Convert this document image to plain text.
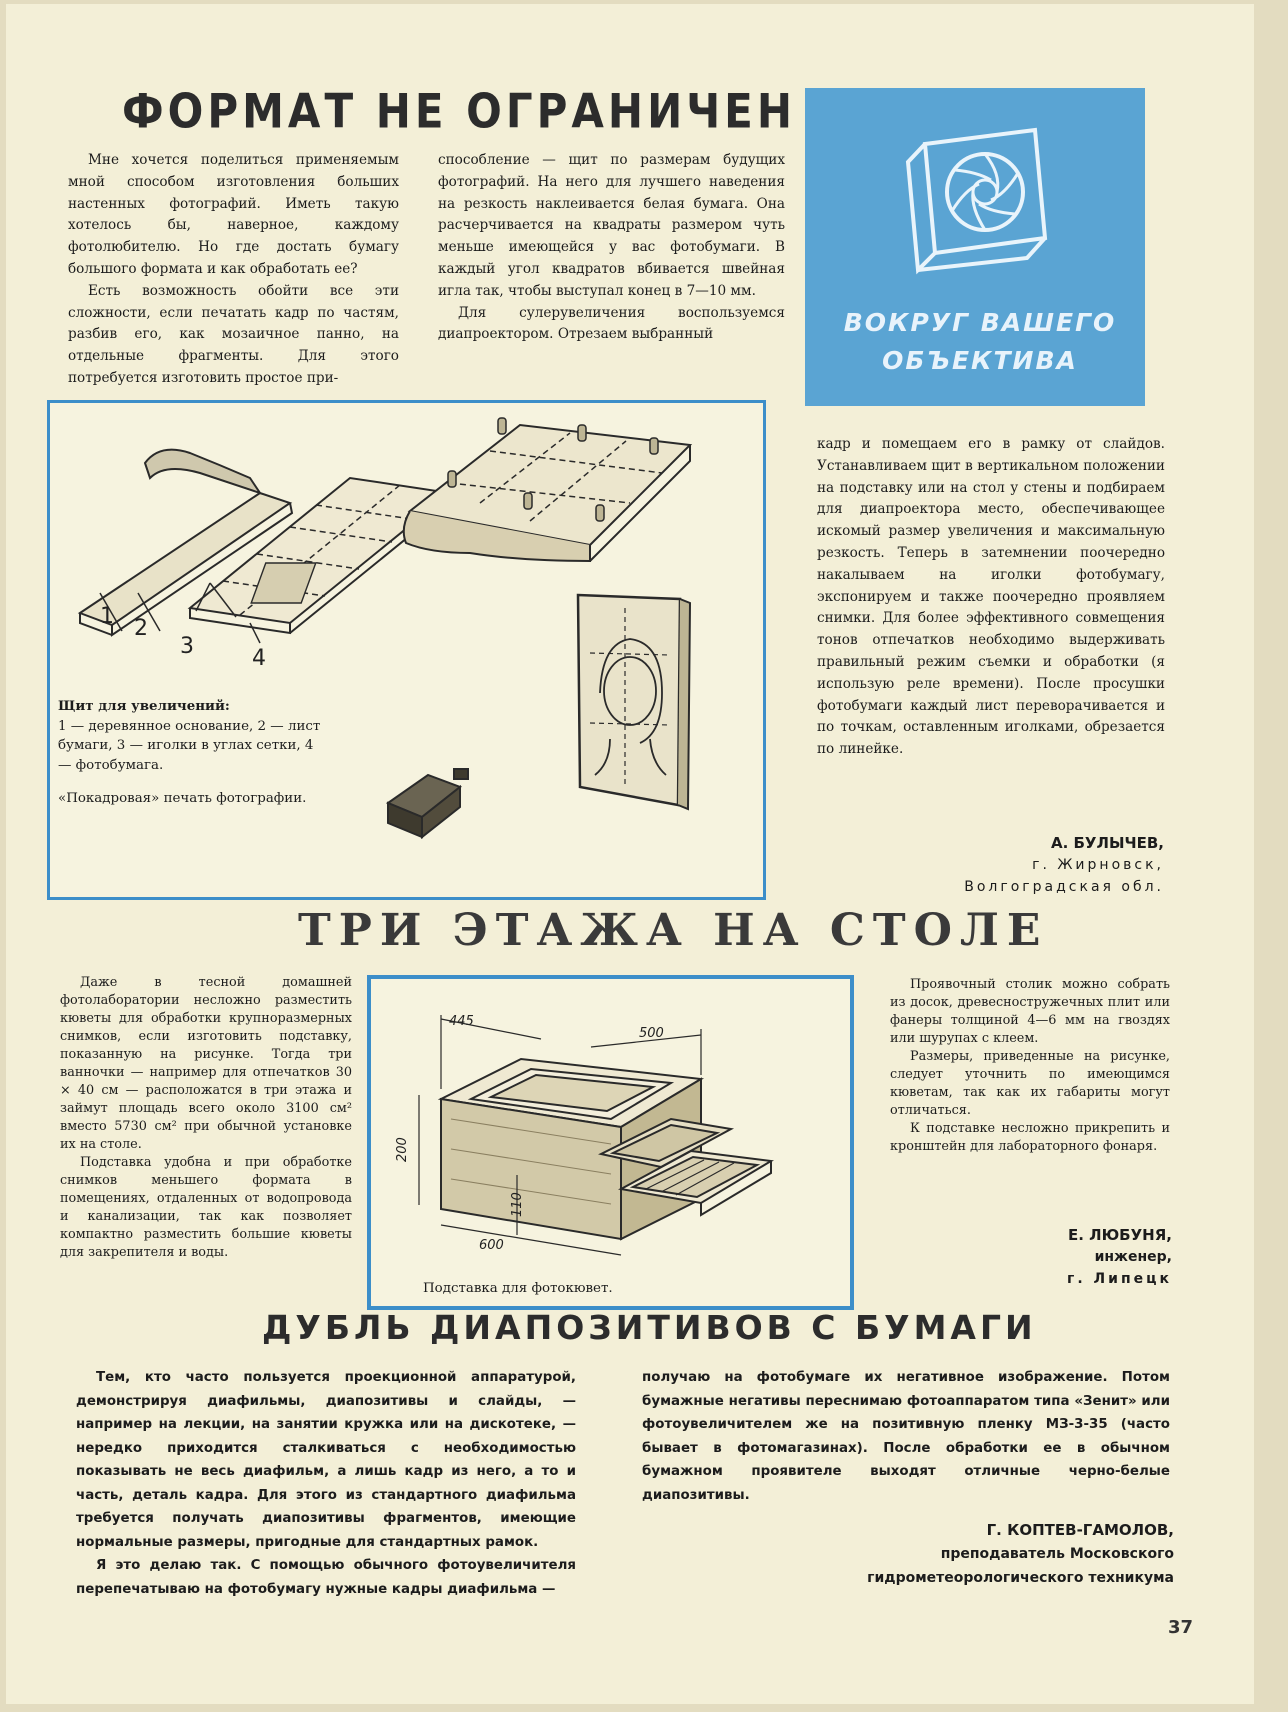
ФОРМАТ НЕ ОГРАНИЧЕН

Мне хочется поделиться применяемым мной способом изготовления больших настенных фотографий. Иметь такую хотелось бы, наверное, каждому фотолюбителю. Но где достать бумагу большого формата и как обработать ее?

Есть возможность обойти все эти сложности, если печатать кадр по частям, разбив его, как мозаичное панно, на отдельные фрагменты. Для этого потребуется изготовить простое при-

способление — щит по размерам будущих фотографий. На него для лучшего наведения на резкость наклеивается белая бумага. Она расчерчивается на квадраты размером чуть меньше имеющейся у вас фотобумаги. В каждый угол квадратов вбивается швейная игла так, чтобы выступал конец в 7—10 мм.

Для сулерувеличения воспользуемся диапроектором. Отрезаем выбранный	ВОКРУГ ВАШЕГО
ОБЪЕКТИВА
1 2
3	4
Щит для увеличений:
1 — деревянное основание, 2 — лист бумаги, 3 — иголки в углах сетки, 4 — фотобумага.
«Покадровая» печать фотографии.

кадр и помещаем его в рамку от слайдов. Устанавливаем щит в вертикальном положении на подставку или на стол у стены и подбираем для диапроектора место, обеспечивающее искомый размер увеличения и максимальную резкость. Теперь в затемнении поочередно накалываем на иголки фотобумагу, экспонируем и также поочередно проявляем снимки. Для более эффективного совмещения тонов отпечатков необходимо выдерживать правильный режим съемки и обработки (я использую реле времени). После просушки фотобумаги каждый лист переворачивается и по точкам, оставленным иголками, обрезается по линейке.

А. БУЛЫЧЕВ,
г. Жирновск,
Волгоградская обл.
ТРИ ЭТАЖА НА СТОЛЕ

Даже в тесной домашней фотолаборатории несложно разместить кюветы для обработки крупноразмерных снимков, если изготовить подставку, показанную на рисунке. Тогда три ванночки — например для отпечатков 30 ⨯ 40 см — расположатся в три этажа и займут площадь всего около 3100 см² вместо 5730 см² при обычной установке их на столе.

Подставка удобна и при обработке снимков меньшего формата в помещениях, отдаленных от водопровода и канализации, так как позволяет компактно разместить большие кюветы для закрепителя и воды.

445
500
200
110
600
Подставка для фотокювет.

Проявочный столик можно собрать из досок, древесностружечных плит или фанеры толщиной 4—6 мм на гвоздях или шурупах с клеем.

Размеры, приведенные на рисунке, следует уточнить по имеющимся кюветам, так как их габариты могут отличаться.

К подставке несложно прикрепить и кронштейн для лабораторного фонаря.

Е. ЛЮБУНЯ,
инженер,
г. Липецк
ДУБЛЬ ДИАПОЗИТИВОВ С БУМАГИ

Тем, кто часто пользуется проекционной аппаратурой, демонстрируя диафильмы, диапозитивы и слайды, — например на лекции, на занятии кружка или на дискотеке, — нередко приходится сталкиваться с необходимостью показывать не весь диафильм, а лишь кадр из него, а то и часть, деталь кадра. Для этого из стандартного диафильма требуется получать диапозитивы фрагментов, имеющие нормальные размеры, пригодные для стандартных рамок.

Я это делаю так. С помощью обычного фотоувеличителя перепечатываю на фотобумагу нужные кадры диафильма —

получаю на фотобумаге их негативное изображение. Потом бумажные негативы переснимаю фотоаппаратом типа «Зенит» или фотоувеличителем же на позитивную пленку МЗ-3-35 (часто бывает в фотомагазинах). После обработки ее в обычном бумажном проявителе выходят отличные черно-белые диапозитивы.

Г. КОПТЕВ-ГАМОЛОВ,
преподаватель Московского
гидрометеорологического техникума
37
